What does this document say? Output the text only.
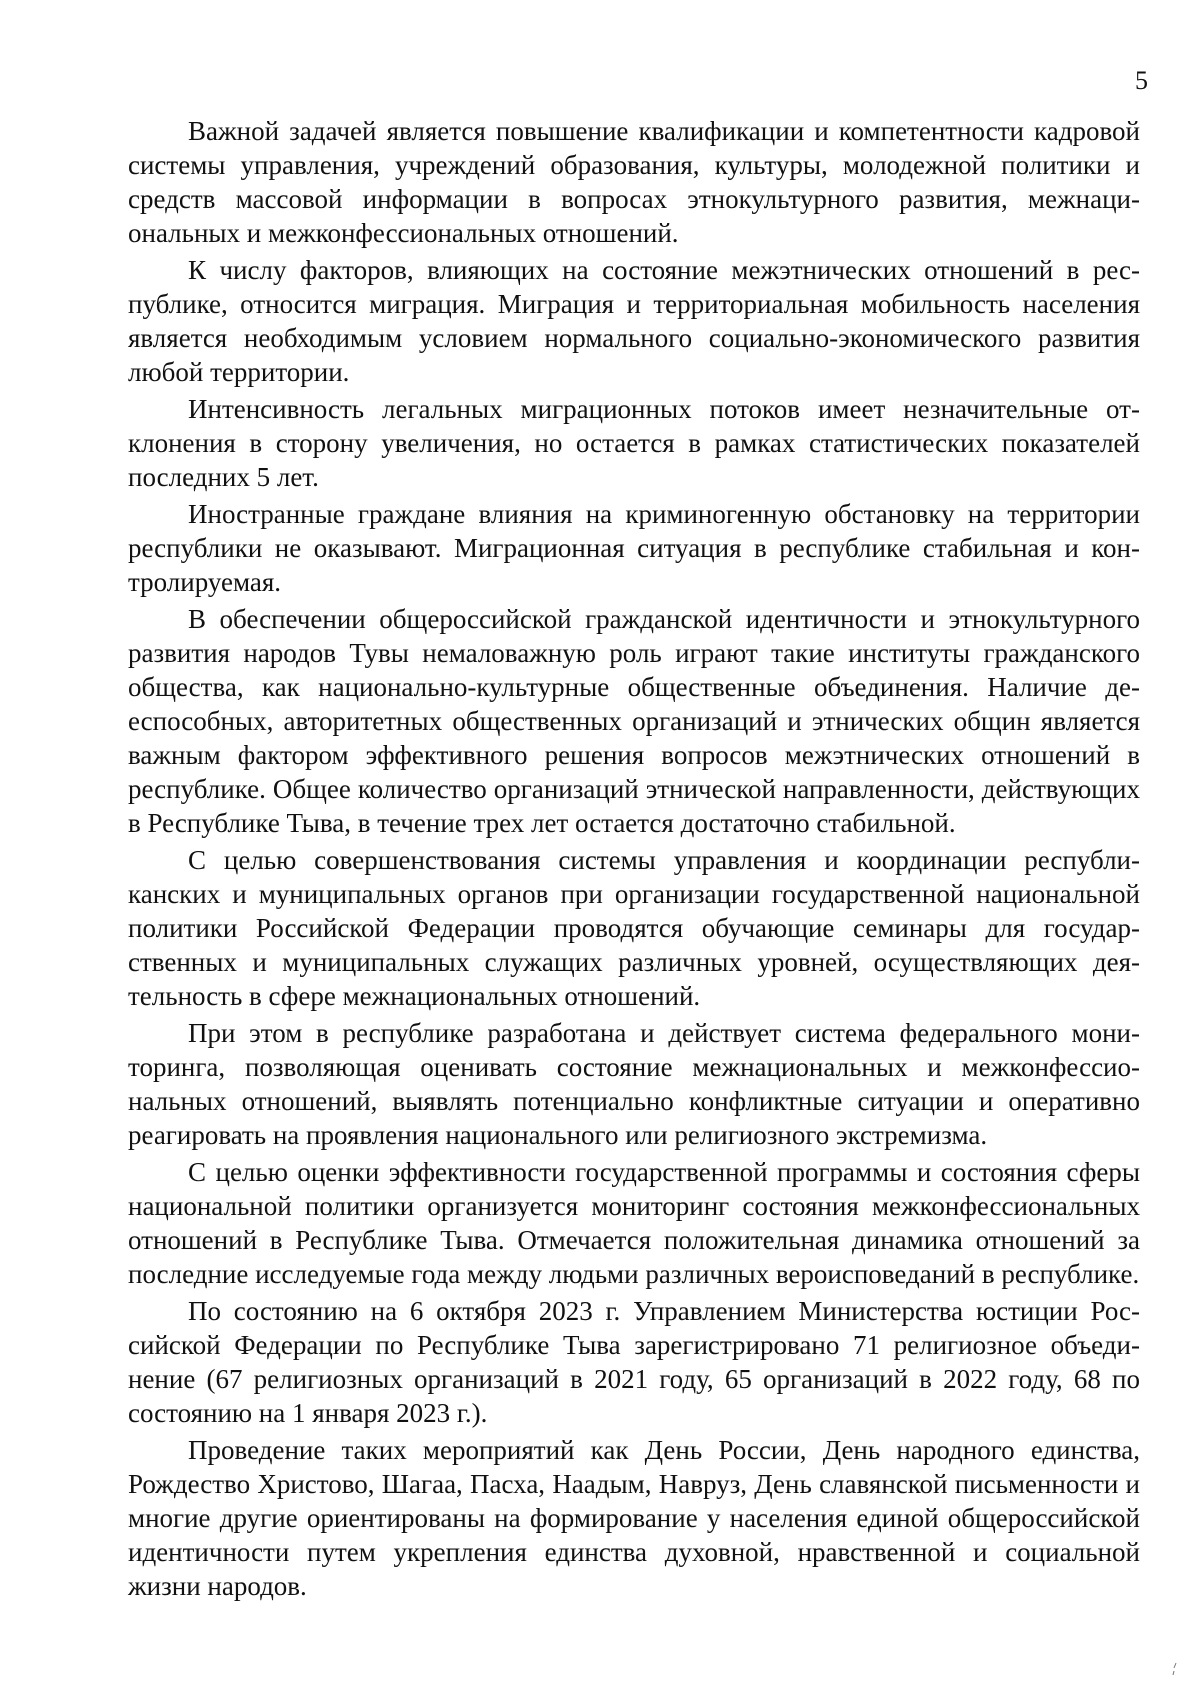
5

Важной задачей является повышение квалификации и компетентности кадровой системы управления, учреждений образования, культуры, молодежной политики и средств массовой информации в вопросах этнокультурного развития, межнациональных и межконфессиональных отношений.

К числу факторов, влияющих на состояние межэтнических отношений в республике, относится миграция. Миграция и территориальная мобильность населения является необходимым условием нормального социально-экономического развития любой территории.

Интенсивность легальных миграционных потоков имеет незначительные отклонения в сторону увеличения, но остается в рамках статистических показателей последних 5 лет.

Иностранные граждане влияния на криминогенную обстановку на территории республики не оказывают. Миграционная ситуация в республике стабильная и контролируемая.

В обеспечении общероссийской гражданской идентичности и этнокультурного развития народов Тувы немаловажную роль играют такие институты гражданского общества, как национально-культурные общественные объединения. Наличие дееспособных, авторитетных общественных организаций и этнических общин является важным фактором эффективного решения вопросов межэтнических отношений в республике. Общее количество организаций этнической направленности, действующих в Республике Тыва, в течение трех лет остается достаточно стабильной.

С целью совершенствования системы управления и координации республиканских и муниципальных органов при организации государственной национальной политики Российской Федерации проводятся обучающие семинары для государственных и муниципальных служащих различных уровней, осуществляющих деятельность в сфере межнациональных отношений.

При этом в республике разработана и действует система федерального мониторинга, позволяющая оценивать состояние межнациональных и межконфессиональных отношений, выявлять потенциально конфликтные ситуации и оперативно реагировать на проявления национального или религиозного экстремизма.

С целью оценки эффективности государственной программы и состояния сферы национальной политики организуется мониторинг состояния межконфессиональных отношений в Республике Тыва. Отмечается положительная динамика отношений за последние исследуемые года между людьми различных вероисповеданий в республике.

По состоянию на 6 октября 2023 г. Управлением Министерства юстиции Российской Федерации по Республике Тыва зарегистрировано 71 религиозное объединение (67 религиозных организаций в 2021 году, 65 организаций в 2022 году, 68 по состоянию на 1 января 2023 г.).

Проведение таких мероприятий как День России, День народного единства, Рождество Христово, Шагаа, Пасха, Наадым, Навруз, День славянской письменности и многие другие ориентированы на формирование у населения единой общероссийской идентичности путем укрепления единства духовной, нравственной и социальной жизни народов.
